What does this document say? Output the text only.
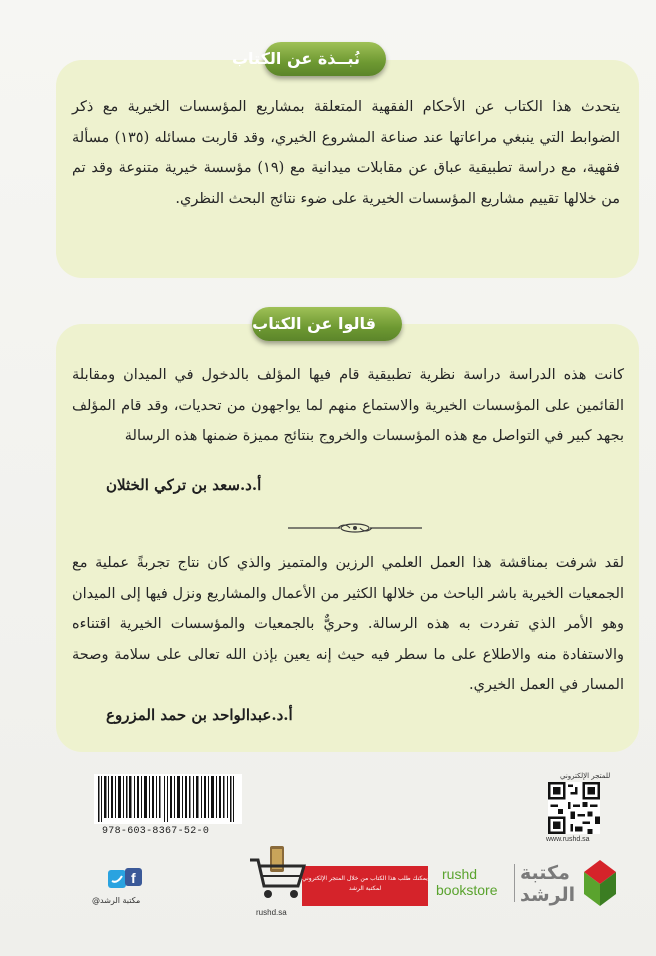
نُبــذة عن الكتاب
يتحدث هذا الكتاب عن الأحكام الفقهية المتعلقة بمشاريع المؤسسات الخيرية مع ذكر الضوابط التي ينبغي مراعاتها عند صناعة المشروع الخيري، وقد قاربت مسائله (١٣٥) مسألة فقهية، مع دراسة تطبيقية عباق عن مقابلات ميدانية مع (١٩) مؤسسة خيرية متنوعة وقد تم من خلالها تقييم مشاريع المؤسسات الخيرية على ضوء نتائج البحث النظري.
قالوا عن الكتاب
كانت هذه الدراسة دراسة نظرية تطبيقية قام فيها المؤلف بالدخول في الميدان ومقابلة القائمين على المؤسسات الخيرية والاستماع منهم لما يواجهون من تحديات، وقد قام المؤلف بجهد كبير في التواصل مع هذه المؤسسات والخروج بنتائج مميزة ضمنها هذه الرسالة
أ.د.سعد بن تركي الخثلان
لقد شرفت بمناقشة هذا العمل العلمي الرزين والمتميز والذي كان نتاج تجربةً عملية مع الجمعيات الخيرية باشر الباحث من خلالها الكثير من الأعمال والمشاريع ونزل فيها إلى الميدان وهو الأمر الذي تفردت به هذه الرسالة. وحريٌّ بالجمعيات والمؤسسات الخيرية اقتناءه والاستفادة منه والاطلاع على ما سطر فيه حيث إنه يعين بإذن الله تعالى على سلامة وصحة المسار في العمل الخيري.
أ.د.عبدالواحد بن حمد المزروع
978-603-8367-52-0
للمتجر الإلكتروني
www.rushd.sa
مكتبة
الرشد
rushd
bookstore
يمكنك طلب هذا الكتاب من خلال المتجر الإلكتروني لمكتبة الرشد
rushd.sa
f
مكتبة الرشد@
